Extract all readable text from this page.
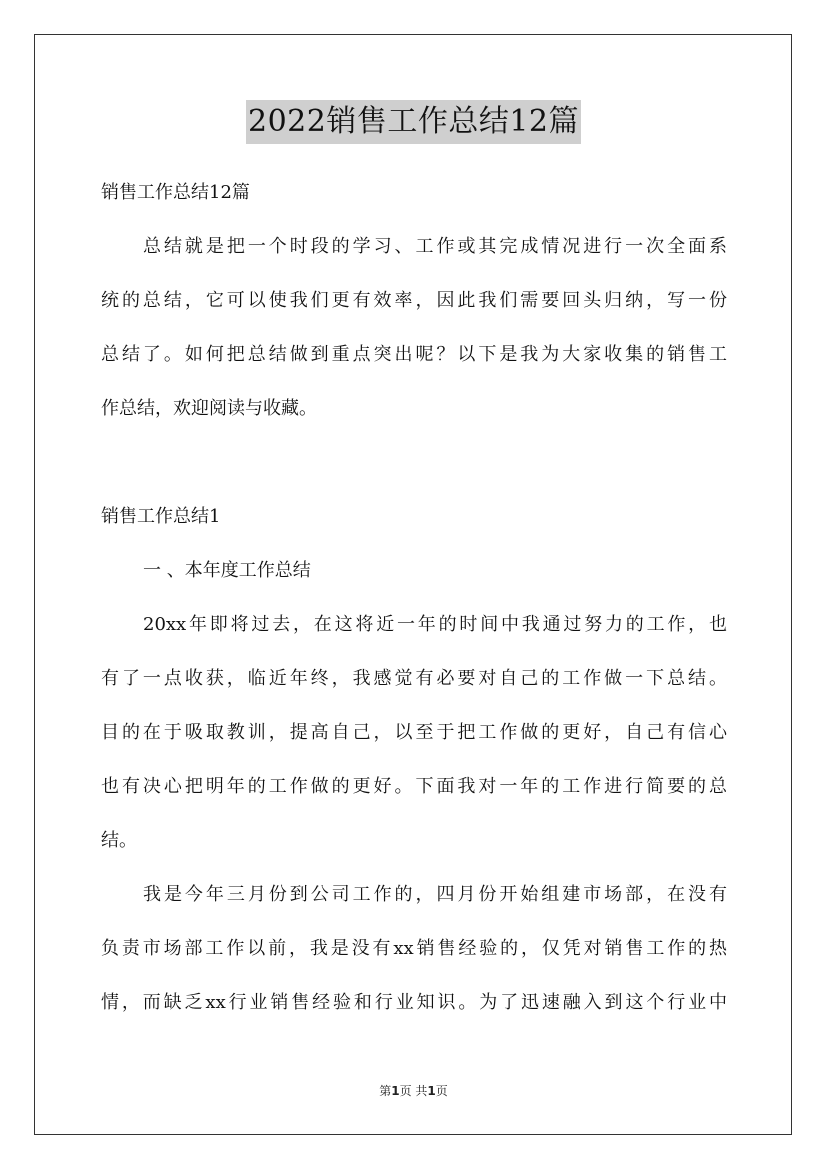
2022销售工作总结12篇
销售工作总结12篇
总结就是把一个时段的学习、工作或其完成情况进行一次全面系
统的总结，它可以使我们更有效率，因此我们需要回头归纳，写一份
总结了。如何把总结做到重点突出呢？以下是我为大家收集的销售工
作总结，欢迎阅读与收藏。
销售工作总结1
一 、本年度工作总结
20xx年即将过去，在这将近一年的时间中我通过努力的工作，也
有了一点收获，临近年终，我感觉有必要对自己的工作做一下总结。
目的在于吸取教训，提高自己，以至于把工作做的更好，自己有信心
也有决心把明年的工作做的更好。下面我对一年的工作进行简要的总
结。
我是今年三月份到公司工作的，四月份开始组建市场部，在没有
负责市场部工作以前，我是没有xx销售经验的，仅凭对销售工作的热
情，而缺乏xx行业销售经验和行业知识。为了迅速融入到这个行业中
第1页 共1页
